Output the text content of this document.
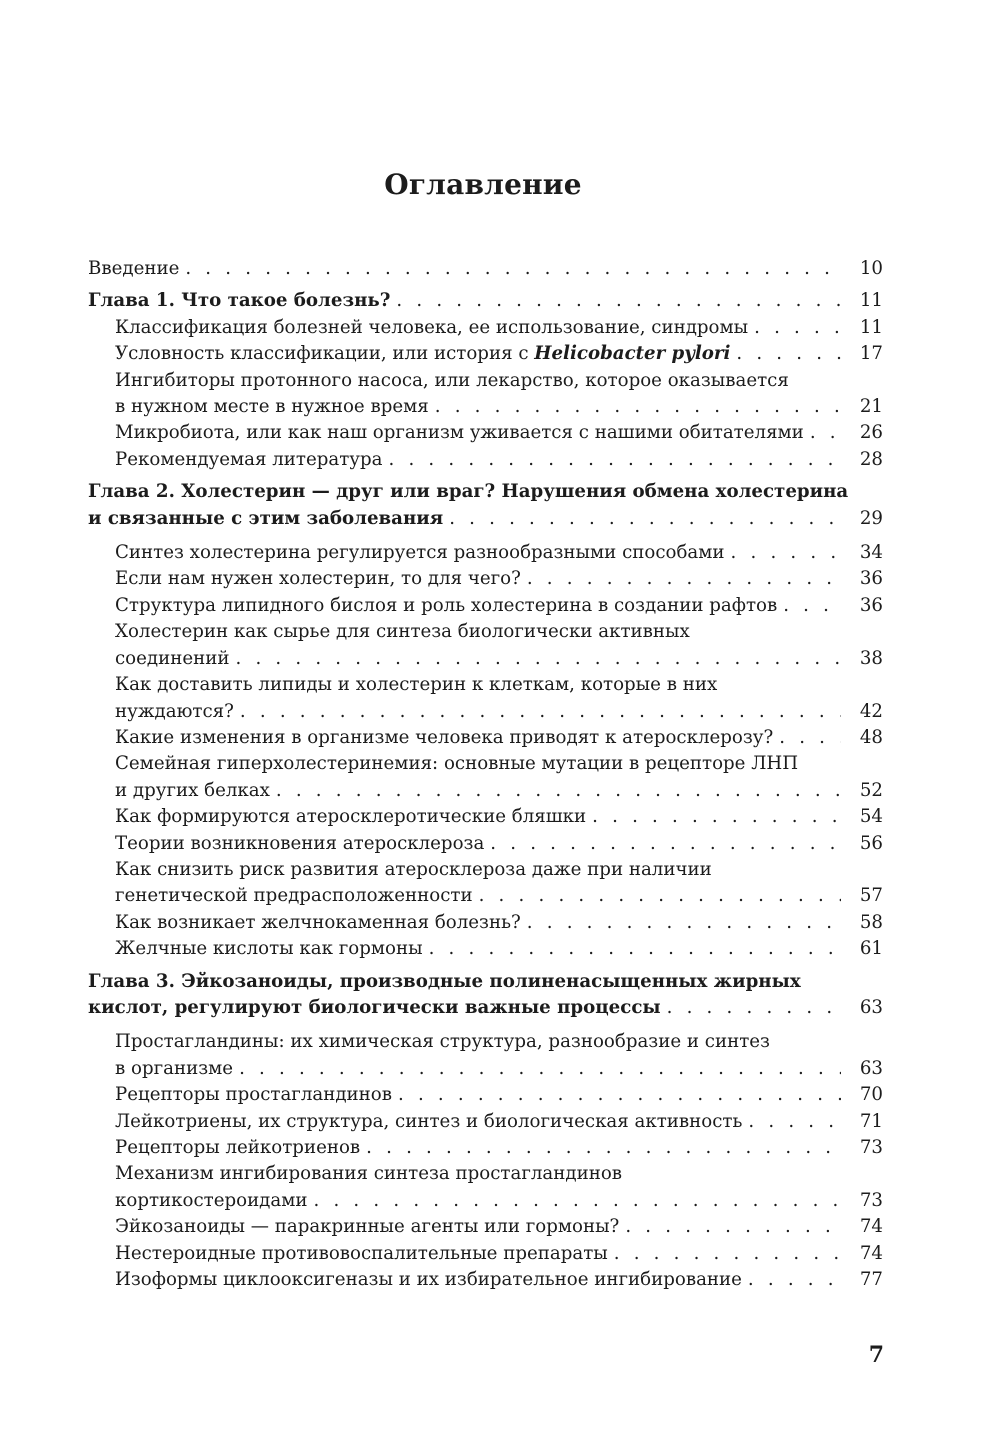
Оглавление
Введение . . .	10
Глава 1. Что такое болезнь? . . .	11
Классификация болезней человека, ее использование, синдромы . . .	11
Условность классификации, или история с Helicobacter pylori . . .	17
Ингибиторы протонного насоса, или лекарство, которое оказывается
в нужном месте в нужное время . . .	21
Микробиота, или как наш организм уживается с нашими обитателями . . .	26
Рекомендуемая литература . . .	28
Глава 2. Холестерин — друг или враг? Нарушения обмена холестерина
и связанные с этим заболевания . . .	29
Синтез холестерина регулируется разнообразными способами . . .	34
Если нам нужен холестерин, то для чего? . . .	36
Структура липидного бислоя и роль холестерина в создании рафтов . . .	36
Холестерин как сырье для синтеза биологически активных
соединений . . .	38
Как доставить липиды и холестерин к клеткам, которые в них
нуждаются? . . .	42
Какие изменения в организме человека приводят к атеросклерозу? . . .	48
Семейная гиперхолестеринемия: основные мутации в рецепторе ЛНП
и других белках . . .	52
Как формируются атеросклеротические бляшки . . .	54
Теории возникновения атеросклероза . . .	56
Как снизить риск развития атеросклероза даже при наличии
генетической предрасположенности . . .	57
Как возникает желчнокаменная болезнь? . . .	58
Желчные кислоты как гормоны . . .	61
Глава 3. Эйкозаноиды, производные полиненасыщенных жирных
кислот, регулируют биологически важные процессы . . .	63
Простагландины: их химическая структура, разнообразие и синтез
в организме . . .	63
Рецепторы простагландинов . . .	70
Лейкотриены, их структура, синтез и биологическая активность . . .	71
Рецепторы лейкотриенов . . .	73
Механизм ингибирования синтеза простагландинов
кортикостероидами . . .	73
Эйкозаноиды — паракринные агенты или гормоны? . . .	74
Нестероидные противовоспалительные препараты . . .	74
Изоформы циклооксигеназы и их избирательное ингибирование . . .	77
7
